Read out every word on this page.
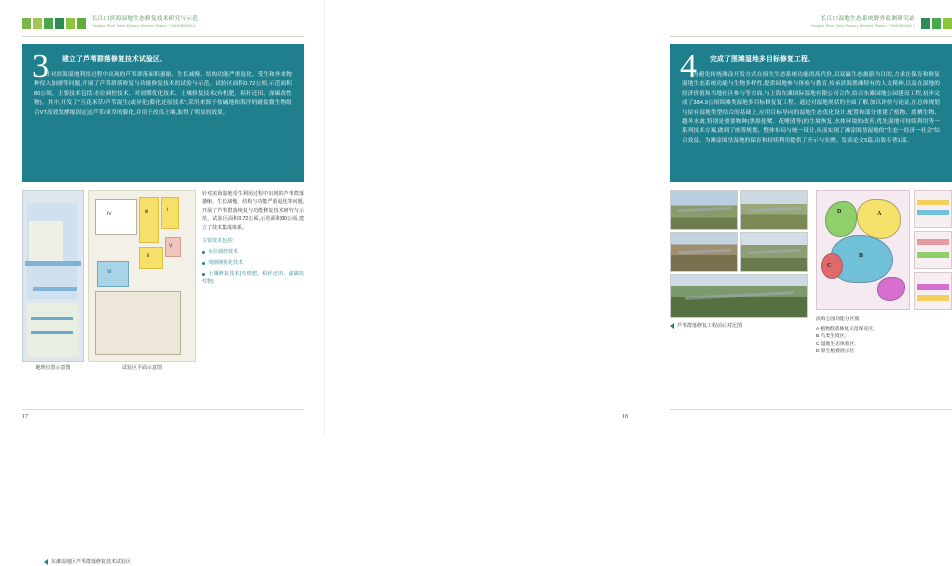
长江口滨海湿地生态修复技术研究与示范
Yangtze River Delta Estuary Wetland Station / YANGBEIWA 2
3 建立了芦苇群落修复技术试验区,

针对滨海湿地利用过程中出现的芦苇群落面积萎缩、生长减慢、结构功能严重退化、受生和外来物种侵入加剧等问题,开展了芦苇群落修复与功能修复技术的试验与示范。试验区面积0.72公顷,示范面积80公顷。主要技术包括:水位调控技术、对剖期优化技术、土壤修复技术(有机肥、秸秆还田、深碳改性物)。其中,开发了"互花米草/芦苇混生(或异化)膨化还原技术",采用来源于盐碱地和海洋的耐盐微生物组合VT高效发酵缩固定这芦苇/米草的膨化,并用于改良土壤,取得了明显的效果。

地理位置示意图
Ⅳ	Ⅲ	Ⅰ
Ⅱ
Ⅴ
Ⅵ
试验区平面示意图

针对滨海湿地受生利用过程中出现的芦苇群落萎缩、生长减慢、结构与功能严重退化等问题,开展了芦苇群落恢复与功能修复技术研究与示范。试验区面积0.72公顷,示范面积80公顷,建立了技术集成体系。

主要技术包括:

水位调控技术
刈割期优化技术
土壤修复技术(有机肥、秸秆还田、滤碳改性物)
东滩湿地区芦苇群落修复技术试验区
17
长江口湿地生态系统野外监测研究站
Yangtze River Delta Estuary Wetland Station / YANGBEIWA 1
4 完成了围滩湿地多目标修复工程,

为避免传统滩涂开发方式在损失生态系统功能的高代价,以双赢生态旅游为目的,力求在保育和修复湿地生态系统功能与生物多样性,提供园地参与体验与教育,传承滨海渔滩特有的人文精神,以及在湿地的经济价值和当地社区参与等方面,与上海东滩国际湿地有限公司合作,结合东滩园地公园建设工程,初步完成了384.9公顷围滩类湿地多目标修复复工程。通过对湿地现状的全面了解,加以评价与论证,在总体规划与原有湿地类型结合的基础上,应用目标导向的湿地生态优化设计,配置和部分重建了植物、底栖生物、越冬水禽,特别是重要物种(黑脸琵鹭、花鳍鸻等)的生境恢复,水体环境的改善,优先湿地可持续利用等一系列技术方案,做到了统筹规划、整体布局与统一设计,从而实现了滩涂围垦湿地的"生态一经济一社会"综合效益。为滩涂围垦湿地的保育和持续利用提供了开示与实例。发表论文5篇,出版专著1部。

芦苇群落修复工程前后对比图
D	A
B
C
滨海公园功能分区图
A 植物群落修复示范保育区;
B 鸟类生境区;
C 湿地生态体验区;
D 原生植被展示区
18
